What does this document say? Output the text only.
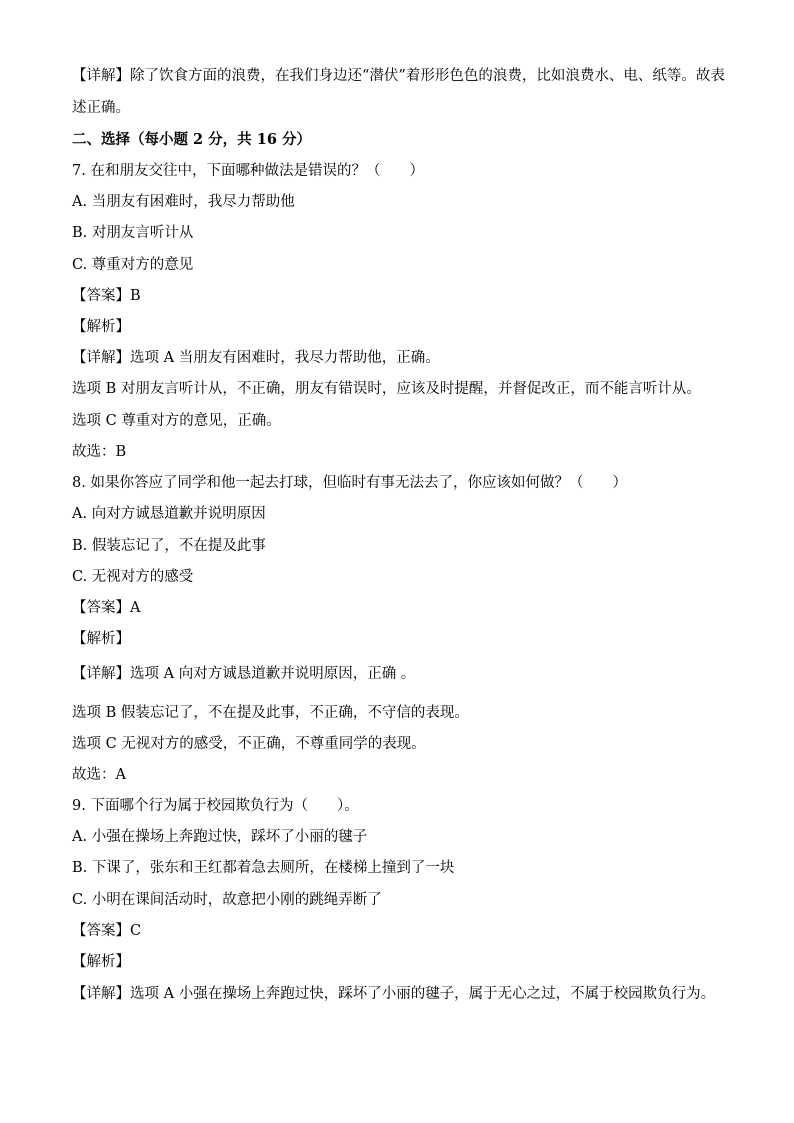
【详解】除了饮食方面的浪费，在我们身边还“潜伏”着形形色色的浪费，比如浪费水、电、纸等。故表
述正确。
二、选择（每小题 2 分，共 16 分）
7. 在和朋友交往中，下面哪种做法是错误的？（　　）
A. 当朋友有困难时，我尽力帮助他
B. 对朋友言听计从
C. 尊重对方的意见
【答案】B
【解析】
【详解】选项 A 当朋友有困难时，我尽力帮助他，正确。
选项 B 对朋友言听计从，不正确，朋友有错误时，应该及时提醒，并督促改正，而不能言听计从。
选项 C 尊重对方的意见，正确。
故选：B
8. 如果你答应了同学和他一起去打球，但临时有事无法去了，你应该如何做？（　　）
A. 向对方诚恳道歉并说明原因
B. 假装忘记了，不在提及此事
C. 无视对方的感受
【答案】A
【解析】
【详解】选项 A 向对方诚恳道歉并说明原因，正确 。
选项 B 假装忘记了，不在提及此事，不正确，不守信的表现。
选项 C 无视对方的感受，不正确，不尊重同学的表现。
故选：A
9. 下面哪个行为属于校园欺负行为（　　）。
A. 小强在操场上奔跑过快，踩坏了小丽的毽子
B. 下课了，张东和王红都着急去厕所，在楼梯上撞到了一块
C. 小明在课间活动时，故意把小刚的跳绳弄断了
【答案】C
【解析】
【详解】选项 A 小强在操场上奔跑过快，踩坏了小丽的毽子，属于无心之过，不属于校园欺负行为。
